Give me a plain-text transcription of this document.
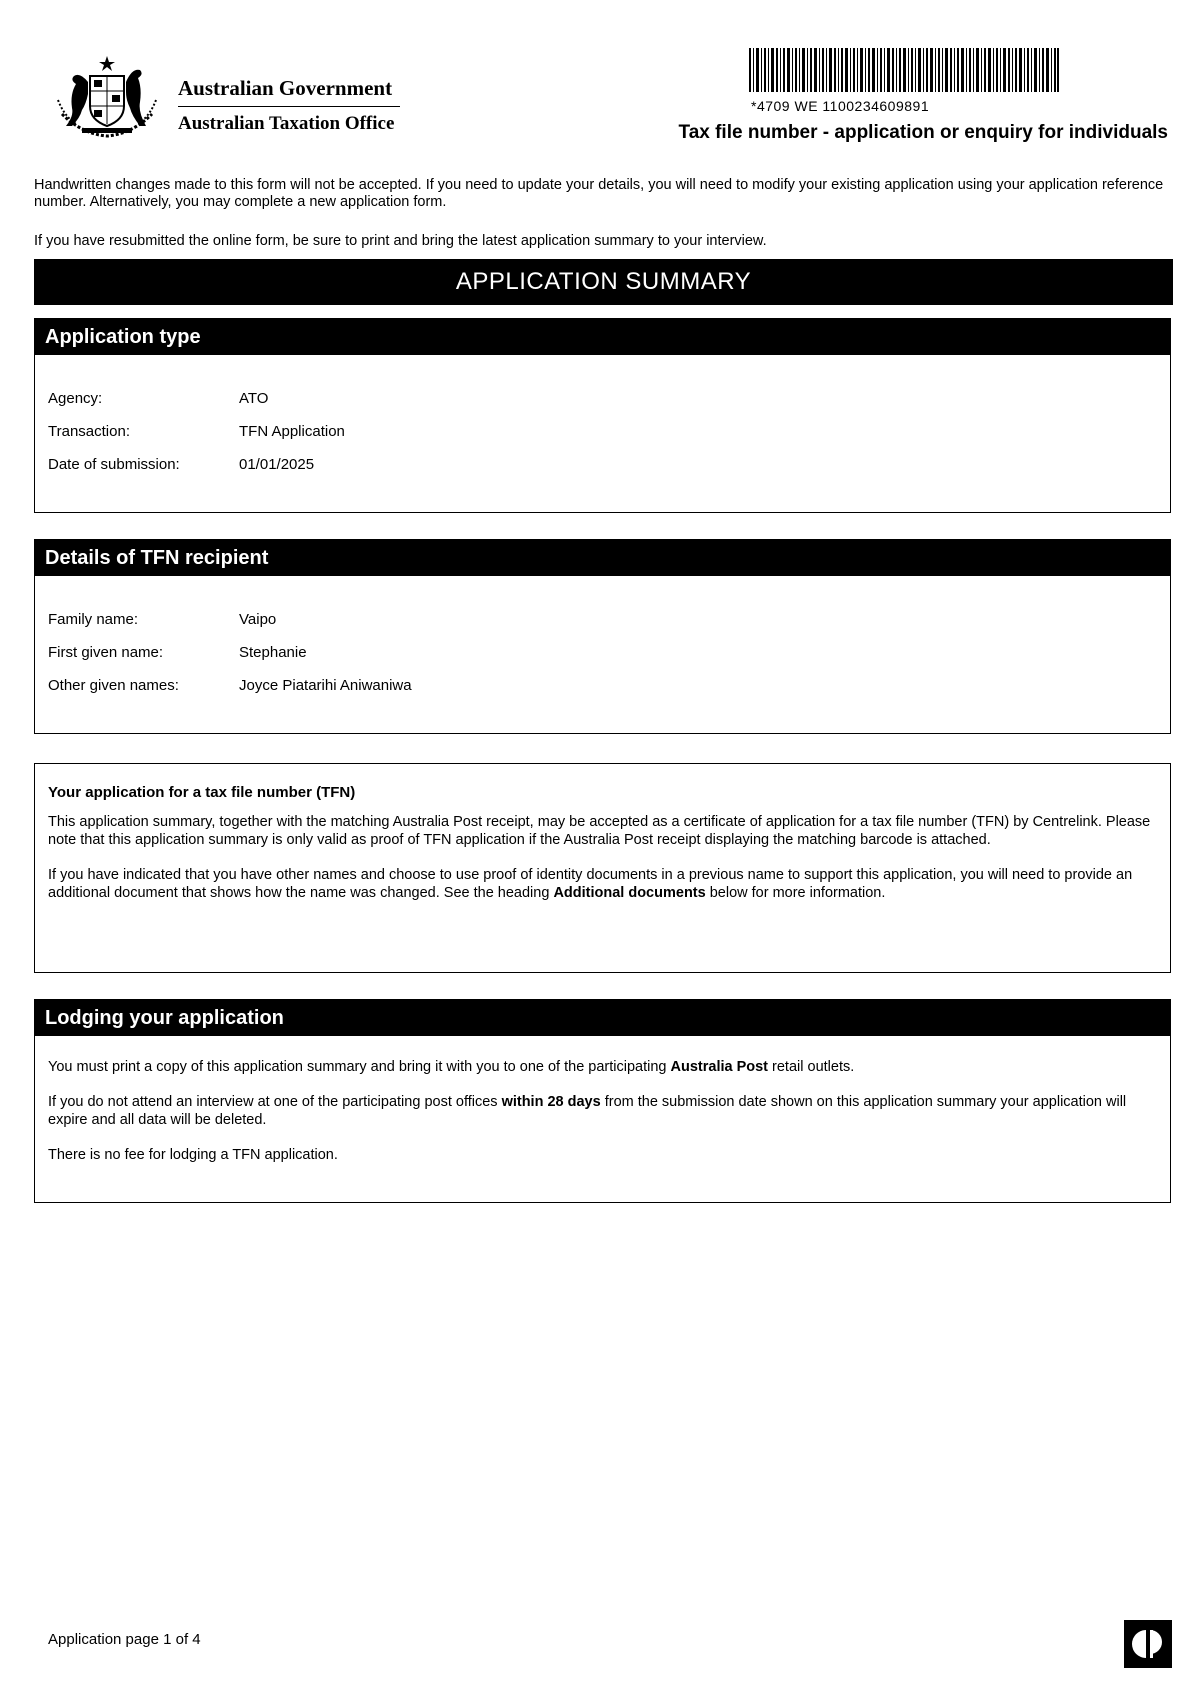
Australian Government
Australian Taxation Office
*4709 WE 1100234609891
Tax file number - application or enquiry for individuals
Handwritten changes made to this form will not be accepted. If you need to update your details, you will need to modify your existing application using your application reference number. Alternatively, you may complete a new application form.
If you have resubmitted the online form, be sure to print and bring the latest application summary to your interview.
APPLICATION SUMMARY
Application type
Agency:	ATO
Transaction:	TFN Application
Date of submission:	01/01/2025
Details of TFN recipient
Family name:	Vaipo
First given name:	Stephanie
Other given names:	Joyce Piatarihi Aniwaniwa
Your application for a tax file number (TFN)

This application summary, together with the matching Australia Post receipt, may be accepted as a certificate of application for a tax file number (TFN) by Centrelink. Please note that this application summary is only valid as proof of TFN application if the Australia Post receipt displaying the matching barcode is attached.

If you have indicated that you have other names and choose to use proof of identity documents in a previous name to support this application, you will need to provide an additional document that shows how the name was changed. See the heading Additional documents below for more information.

Lodging your application

You must print a copy of this application summary and bring it with you to one of the participating Australia Post retail outlets.

If you do not attend an interview at one of the participating post offices within 28 days from the submission date shown on this application summary your application will expire and all data will be deleted.

There is no fee for lodging a TFN application.

Application page 1 of 4
